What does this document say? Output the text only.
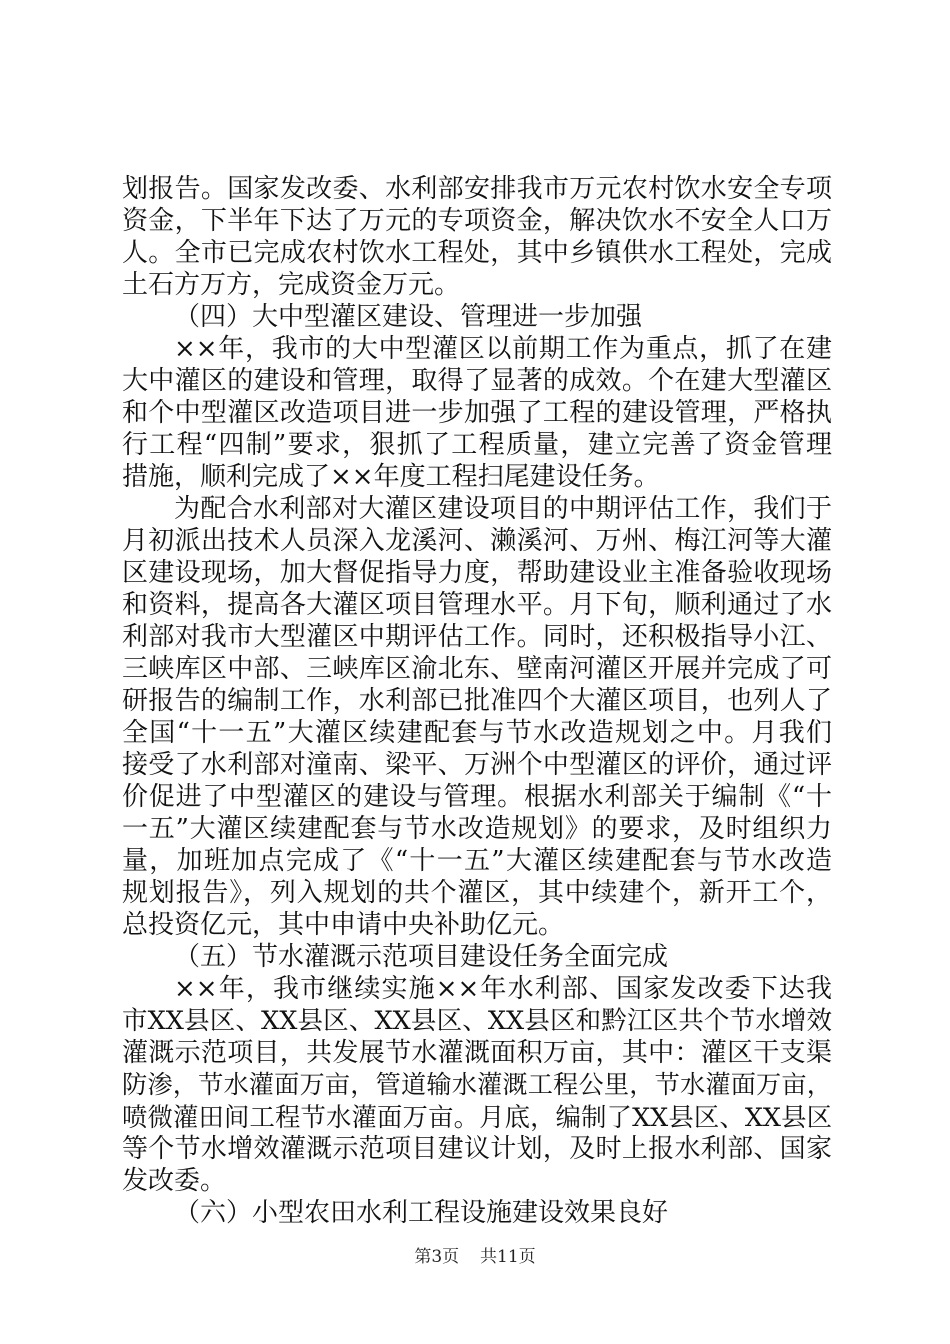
划报告。国家发改委、水利部安排我市万元农村饮水安全专项
资金，下半年下达了万元的专项资金，解决饮水不安全人口万
人。全市已完成农村饮水工程处，其中乡镇供水工程处，完成
土石方万方，完成资金万元。
（四）大中型灌区建设、管理进一步加强
××年，我市的大中型灌区以前期工作为重点，抓了在建
大中灌区的建设和管理，取得了显著的成效。个在建大型灌区
和个中型灌区改造项目进一步加强了工程的建设管理，严格执
行工程“四制”要求，狠抓了工程质量，建立完善了资金管理
措施，顺利完成了××年度工程扫尾建设任务。
为配合水利部对大灌区建设项目的中期评估工作，我们于
月初派出技术人员深入龙溪河、濑溪河、万州、梅江河等大灌
区建设现场，加大督促指导力度，帮助建设业主准备验收现场
和资料，提高各大灌区项目管理水平。月下旬，顺利通过了水
利部对我市大型灌区中期评估工作。同时，还积极指导小江、
三峡库区中部、三峡库区渝北东、壁南河灌区开展并完成了可
研报告的编制工作，水利部已批准四个大灌区项目，也列人了
全国“十一五”大灌区续建配套与节水改造规划之中。月我们
接受了水利部对潼南、梁平、万洲个中型灌区的评价，通过评
价促进了中型灌区的建设与管理。根据水利部关于编制《“十
一五”大灌区续建配套与节水改造规划》的要求，及时组织力
量，加班加点完成了《“十一五”大灌区续建配套与节水改造
规划报告》，列入规划的共个灌区，其中续建个，新开工个，
总投资亿元，其中申请中央补助亿元。
（五）节水灌溉示范项目建设任务全面完成
××年，我市继续实施××年水利部、国家发改委下达我
市XX县区、XX县区、XX县区、XX县区和黔江区共个节水增效
灌溉示范项目，共发展节水灌溉面积万亩，其中：灌区干支渠
防渗，节水灌面万亩，管道输水灌溉工程公里，节水灌面万亩，
喷微灌田间工程节水灌面万亩。月底，编制了XX县区、XX县区
等个节水增效灌溉示范项目建议计划，及时上报水利部、国家
发改委。
（六）小型农田水利工程设施建设效果良好
第3页 共11页
